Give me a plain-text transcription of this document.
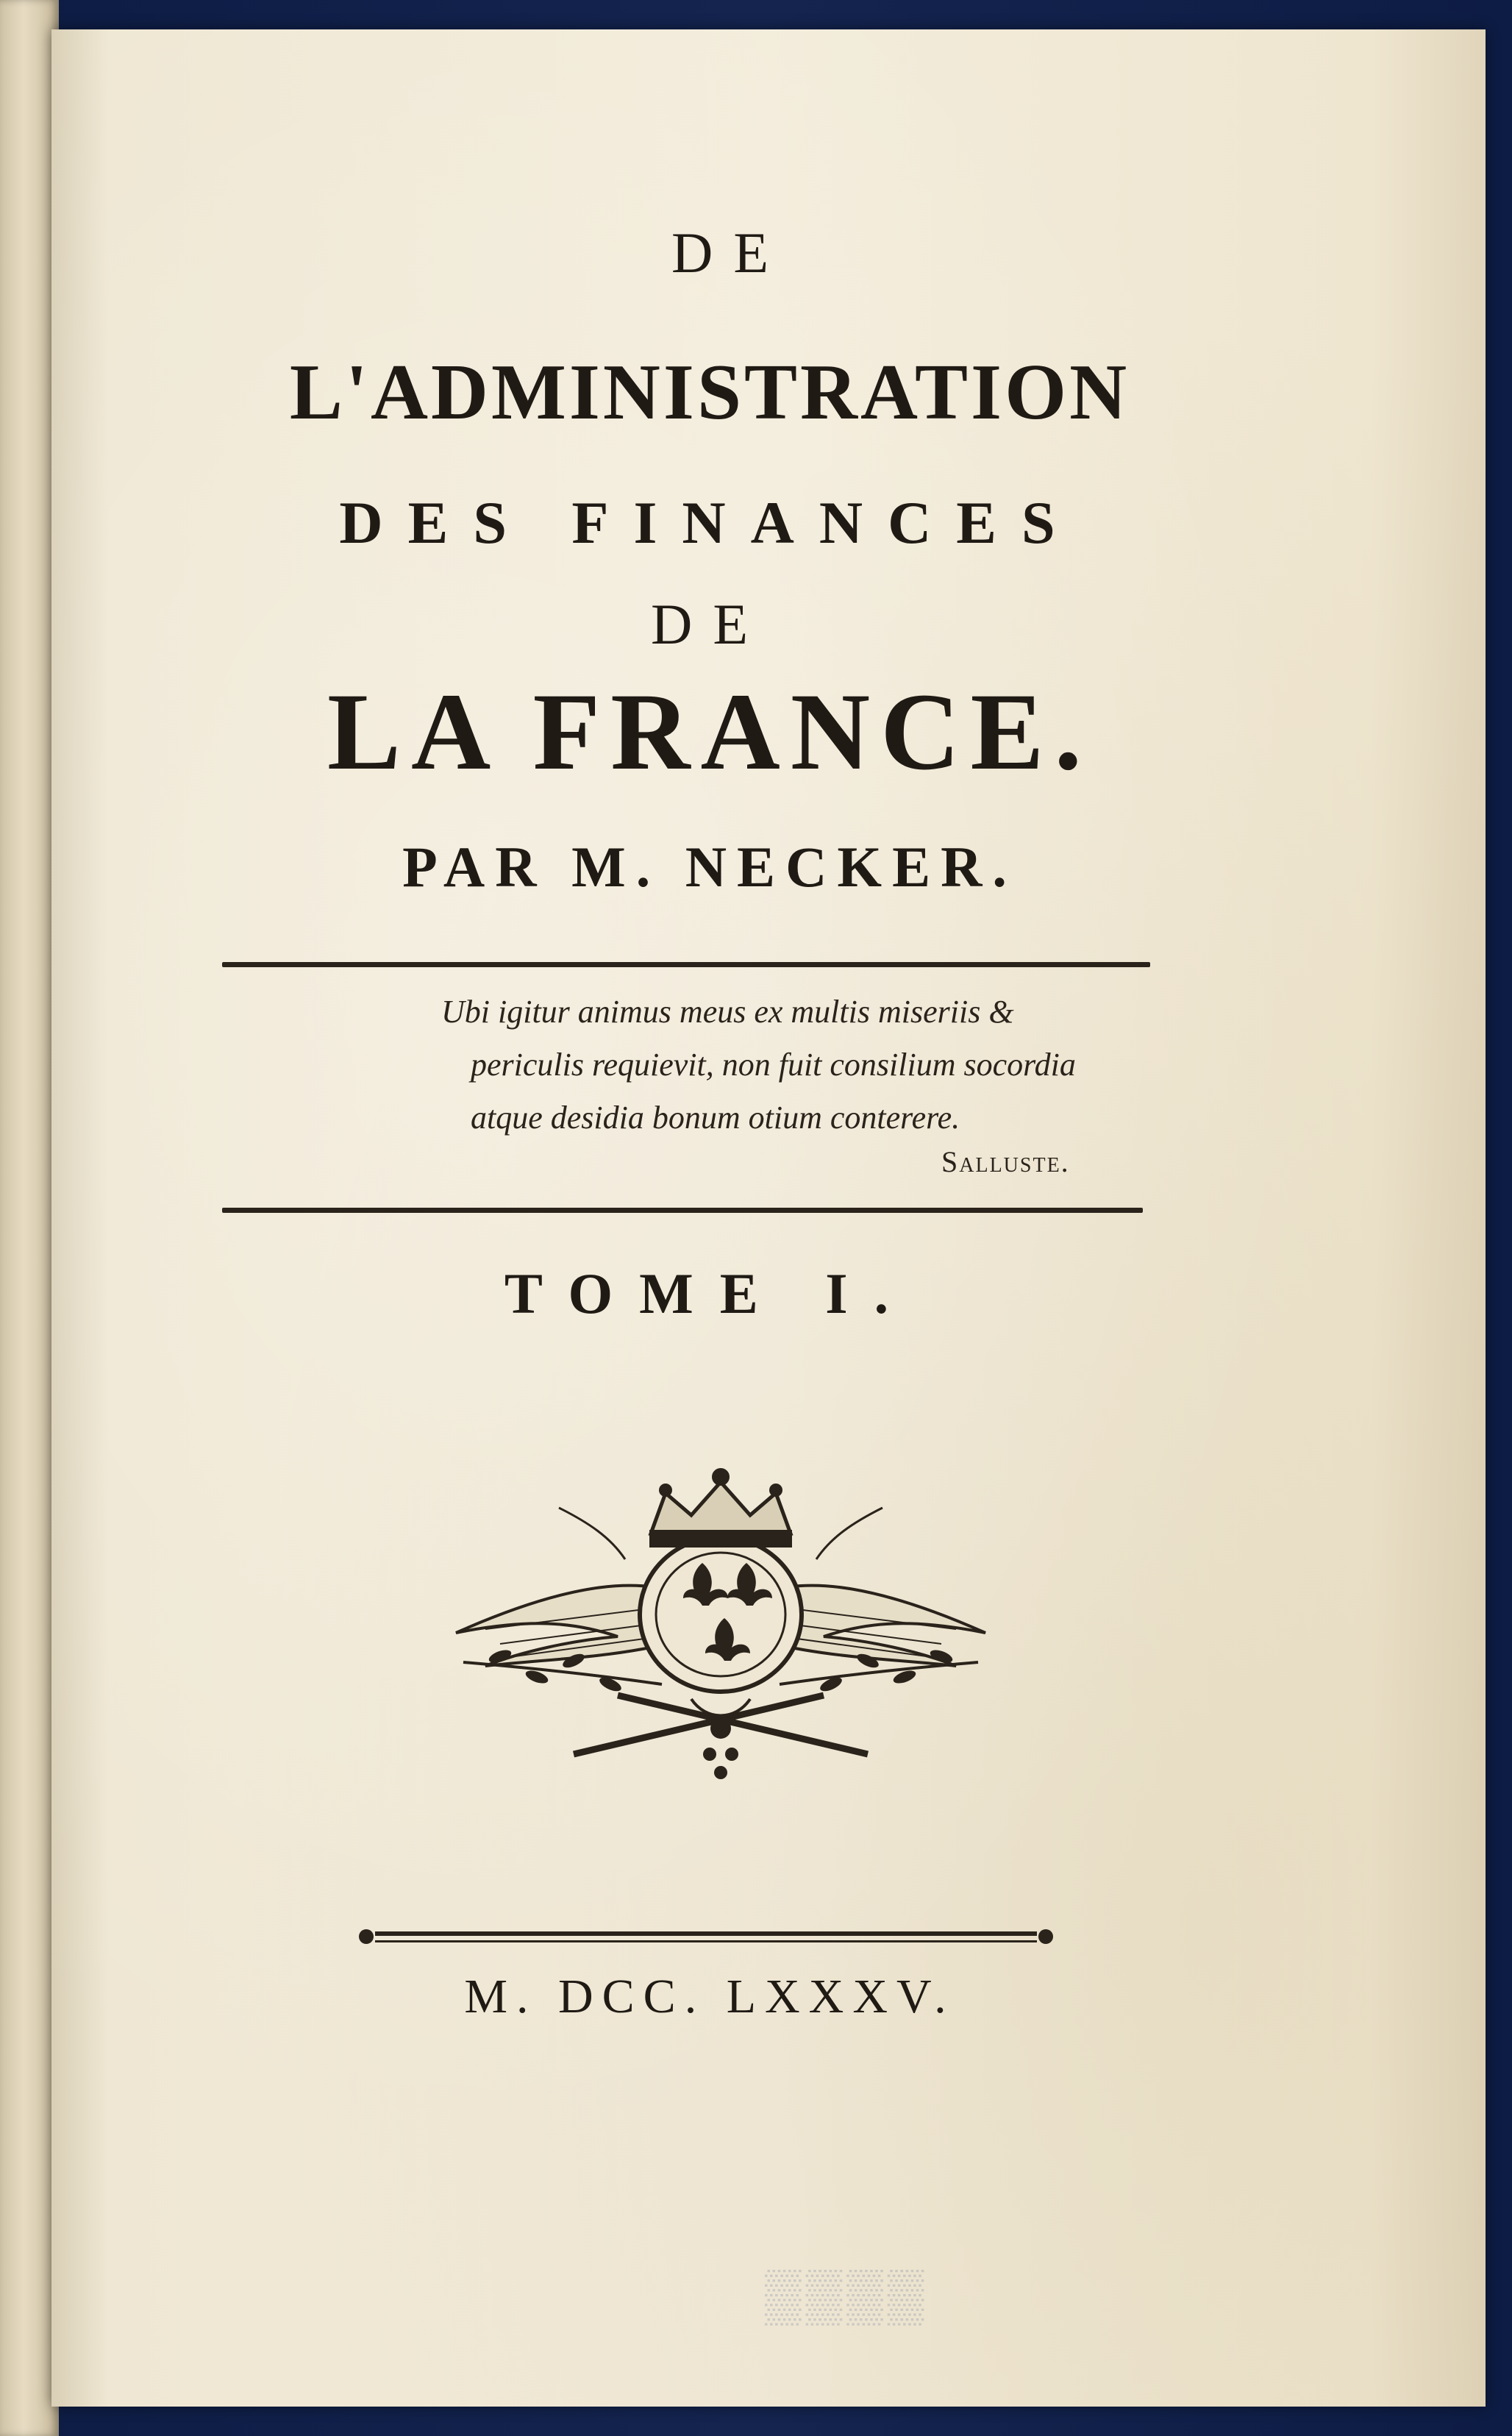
DE
L'ADMINISTRATION
DES FINANCES
DE
LA FRANCE.
PAR M. NECKER.
Ubi igitur animus meus ex multis miseriis &
periculis requievit, non fuit consilium socordia
atque desidia bonum otium conterere.
Salluste.
TOME I.
M. DCC. LXXXV.
▒▒▒▒
